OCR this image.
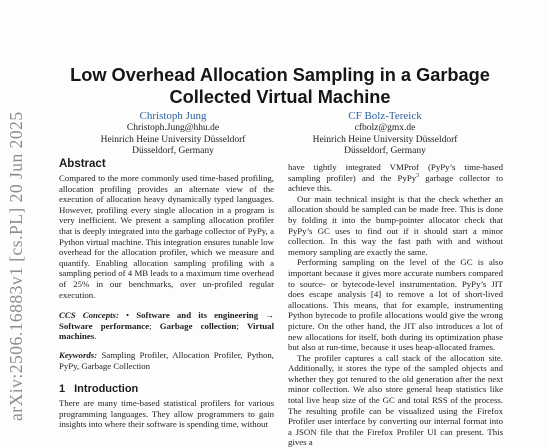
arXiv:2506.16883v1 [cs.PL] 20 Jun 2025
Low Overhead Allocation Sampling in a Garbage Collected Virtual Machine
Christoph Jung
Christoph.Jung@hhu.de
Heinrich Heine University Düsseldorf
Düsseldorf, Germany
CF Bolz-Tereick
cfbolz@gmx.de
Heinrich Heine University Düsseldorf
Düsseldorf, Germany
Abstract

Compared to the more commonly used time-based profiling, allocation profiling provides an alternate view of the execution of allocation heavy dynamically typed languages. However, profiling every single allocation in a program is very inefficient. We present a sampling allocation profiler that is deeply integrated into the garbage collector of PyPy, a Python virtual machine. This integration ensures tunable low overhead for the allocation profiler, which we measure and quantify. Enabling allocation sampling profiling with a sampling period of 4 MB leads to a maximum time overhead of 25% in our benchmarks, over un-profiled regular execution.

CCS Concepts: • Software and its engineering → Software performance; Garbage collection; Virtual machines.

Keywords: Sampling Profiler, Allocation Profiler, Python, PyPy, Garbage Collection

1 Introduction

There are many time-based statistical profilers for various programming languages. They allow programmers to gain insights into where their software is spending time, without

have tightly integrated VMProf (PyPy’s time-based sampling profiler) and the PyPy$^3$ garbage collector to achieve this.

Our main technical insight is that the check whether an allocation should be sampled can be made free. This is done by folding it into the bump-pointer allocator check that PyPy’s GC uses to find out if it should start a minor collection. In this way the fast path with and without memory sampling are exactly the same.

Performing sampling on the level of the GC is also important because it gives more accurate numbers compared to source- or bytecode-level instrumentation. PyPy’s JIT does escape analysis [4] to remove a lot of short-lived allocations. This means, that for example, instrumenting Python bytecode to profile allocations would give the wrong picture. On the other hand, the JIT also introduces a lot of new allocations for itself, both during its optimization phase but also at run-time, because it uses heap-allocated frames.

The profiler captures a call stack of the allocation site. Additionally, it stores the type of the sampled objects and whether they got tenured to the old generation after the next minor collection. We also store general heap statistics like total live heap size of the GC and total RSS of the process. The resulting profile can be visualized using the Firefox Profiler user interface by converting our internal format into a JSON file that the Firefox Profiler UI can present. This gives a
